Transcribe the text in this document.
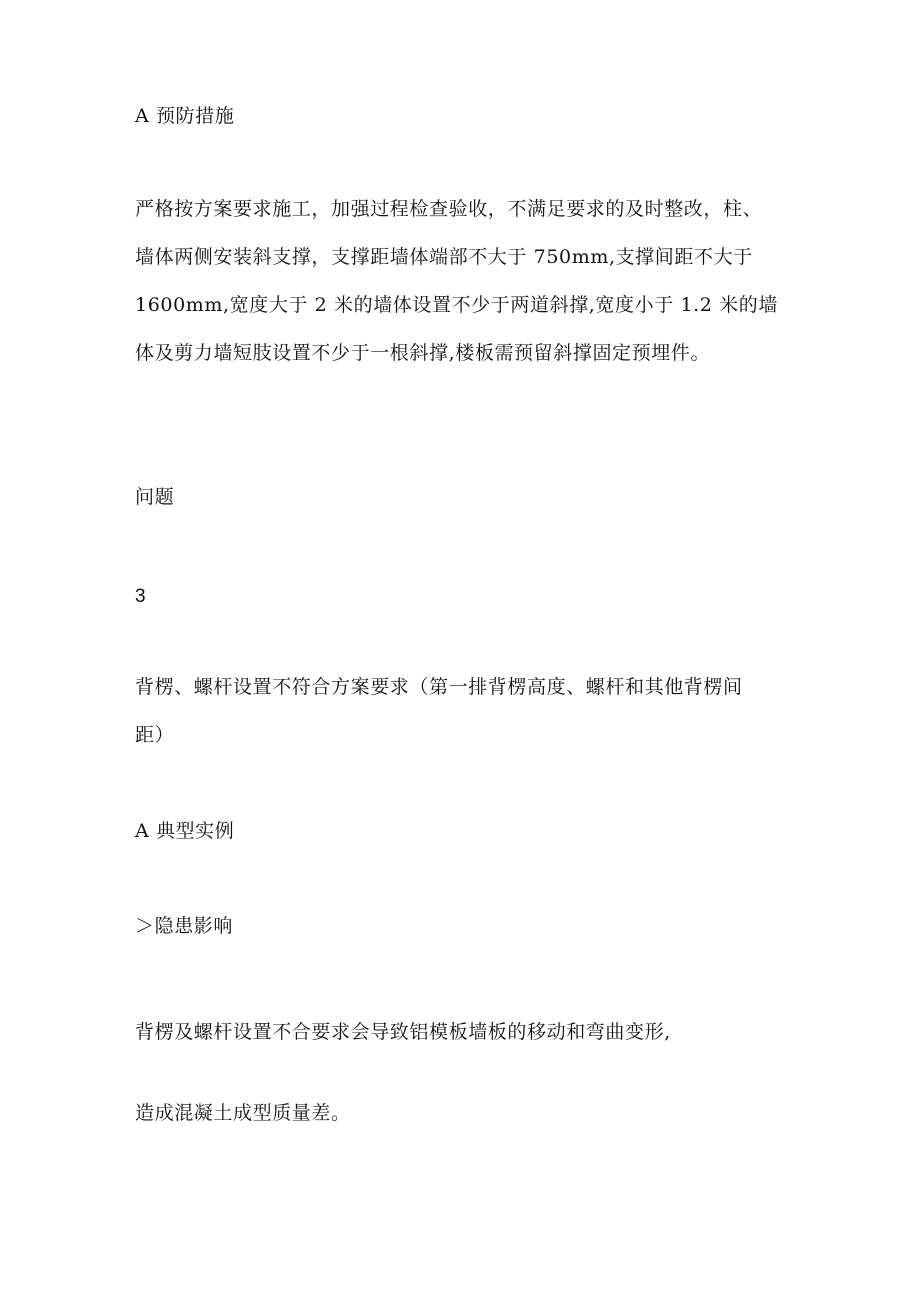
A 预防措施
严格按方案要求施工，加强过程检查验收，不满足要求的及时整改，柱、
墙体两侧安装斜支撑，支撑距墙体端部不大于 750mm,支撑间距不大于
1600mm,宽度大于 2 米的墙体设置不少于两道斜撑,宽度小于 1.2 米的墙
体及剪力墙短肢设置不少于一根斜撑,楼板需预留斜撑固定预埋件。
问题
3
背楞、螺杆设置不符合方案要求（第一排背楞高度、螺杆和其他背楞间
距）
A 典型实例
＞隐患影响
背楞及螺杆设置不合要求会导致铝模板墙板的移动和弯曲变形,
造成混凝土成型质量差。
